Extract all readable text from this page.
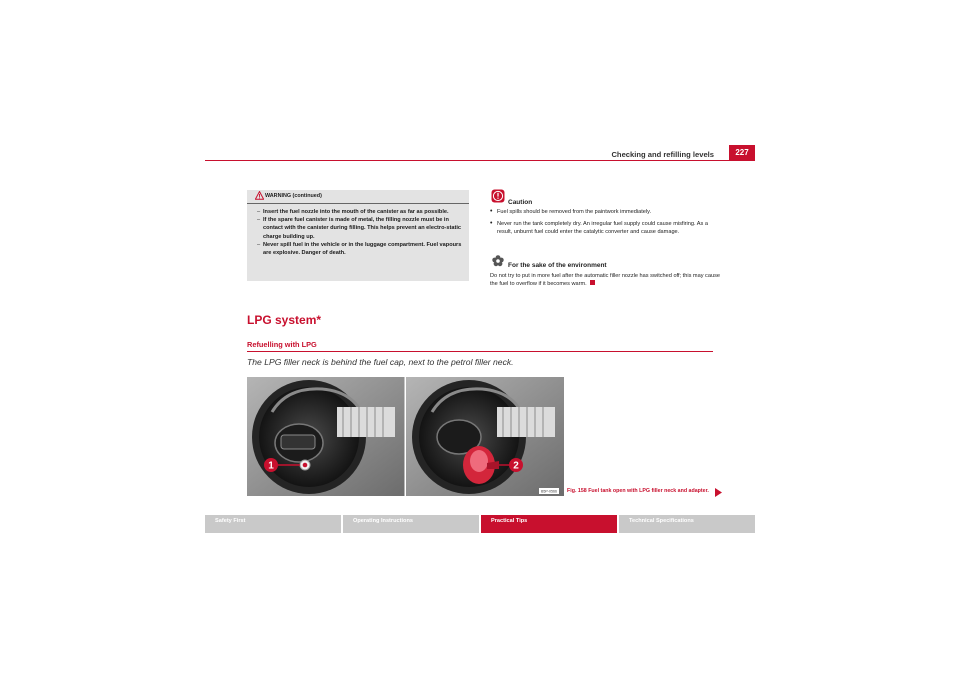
Checking and refilling levels	227
WARNING (continued)

– Insert the fuel nozzle into the mouth of the canister as far as possible.

– If the spare fuel canister is made of metal, the filling nozzle must be in contact with the canister during filling. This helps prevent an electro-static charge building up.

– Never spill fuel in the vehicle or in the luggage compartment. Fuel vapours are explosive. Danger of death.

Caution
• Fuel spills should be removed from the paintwork immediately.
• Never run the tank completely dry. An irregular fuel supply could cause misfiring. As a result, unburnt fuel could enter the catalytic converter and cause damage.
For the sake of the environment
Do not try to put in more fuel after the automatic filler nozzle has switched off; this may cause the fuel to overflow if it becomes warm.
LPG system*
Refuelling with LPG
The LPG filler neck is behind the fuel cap, next to the petrol filler neck.
1	2
B5P-0566 Fig. 158 Fuel tank open with LPG filler neck and adapter.
Safety First	Operating Instructions	Practical Tips	Technical Specifications
